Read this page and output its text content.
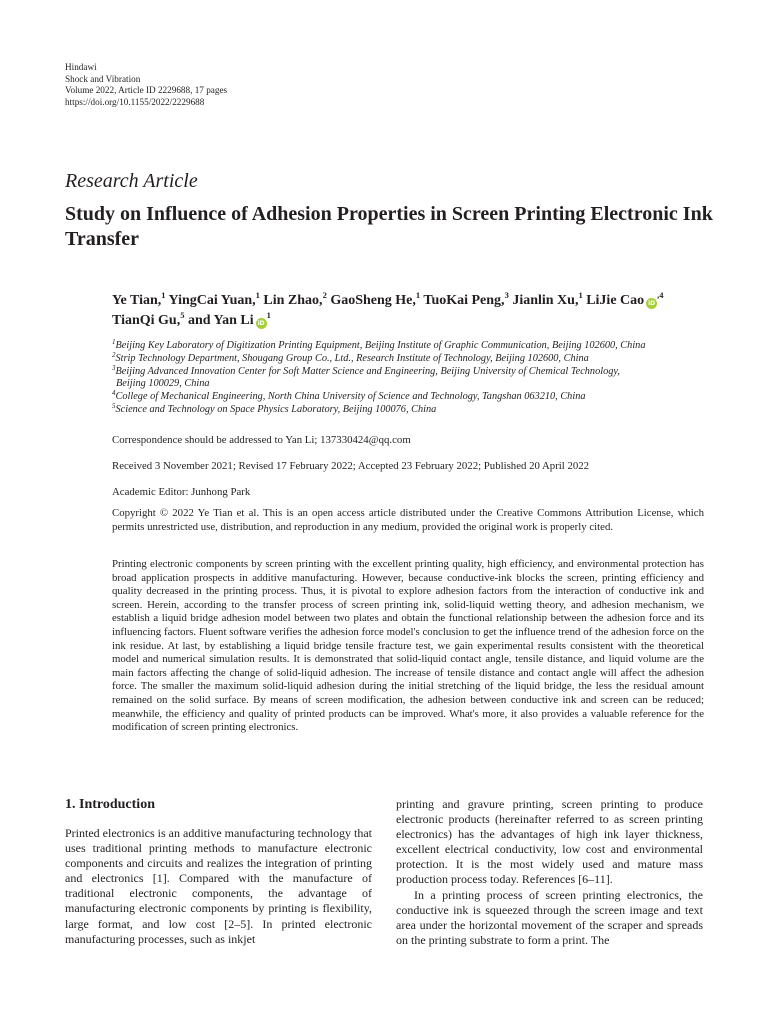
Hindawi
Shock and Vibration
Volume 2022, Article ID 2229688, 17 pages
https://doi.org/10.1155/2022/2229688
Research Article
Study on Influence of Adhesion Properties in Screen Printing Electronic Ink Transfer
Ye Tian,$^1$ YingCai Yuan,$^1$ Lin Zhao,$^2$ GaoSheng He,$^1$ TuoKai Peng,$^3$ Jianlin Xu,$^1$ LiJie Cao $iD^{,4}$
TianQi Gu,$^5$ and Yan Li $iD^1$
$^1$Beijing Key Laboratory of Digitization Printing Equipment, Beijing Institute of Graphic Communication, Beijing 102600, China
$^2$Strip Technology Department, Shougang Group Co., Ltd., Research Institute of Technology, Beijing 102600, China
$^3$Beijing Advanced Innovation Center for Soft Matter Science and Engineering, Beijing University of Chemical Technology,
Beijing 100029, China
$^4$College of Mechanical Engineering, North China University of Science and Technology, Tangshan 063210, China
$^5$Science and Technology on Space Physics Laboratory, Beijing 100076, China
Correspondence should be addressed to Yan Li; 137330424@qq.com
Received 3 November 2021; Revised 17 February 2022; Accepted 23 February 2022; Published 20 April 2022
Academic Editor: Junhong Park
Copyright © 2022 Ye Tian et al. This is an open access article distributed under the Creative Commons Attribution License, which permits unrestricted use, distribution, and reproduction in any medium, provided the original work is properly cited.
Printing electronic components by screen printing with the excellent printing quality, high efficiency, and environmental protection has broad application prospects in additive manufacturing. However, because conductive-ink blocks the screen, printing efficiency and quality decreased in the printing process. Thus, it is pivotal to explore adhesion factors from the interaction of conductive ink and screen. Herein, according to the transfer process of screen printing ink, solid-liquid wetting theory, and adhesion mechanism, we establish a liquid bridge adhesion model between two plates and obtain the functional relationship between the adhesion force and its influencing factors. Fluent software verifies the adhesion force model's conclusion to get the influence trend of the adhesion force on the ink residue. At last, by establishing a liquid bridge tensile fracture test, we gain experimental results consistent with the theoretical model and numerical simulation results. It is demonstrated that solid-liquid contact angle, tensile distance, and liquid volume are the main factors affecting the change of solid-liquid adhesion. The increase of tensile distance and contact angle will affect the adhesion force. The smaller the maximum solid-liquid adhesion during the initial stretching of the liquid bridge, the less the residual amount remained on the solid surface. By means of screen modification, the adhesion between conductive ink and screen can be reduced; meanwhile, the efficiency and quality of printed products can be improved. What's more, it also provides a valuable reference for the modification of screen printing electronics.
1. Introduction
Printed electronics is an additive manufacturing technology that uses traditional printing methods to manufacture electronic components and circuits and realizes the integration of printing and electronics [1]. Compared with the manufacture of traditional electronic components, the advantage of manufacturing electronic components by printing is flexibility, large format, and low cost [2–5]. In printed electronic manufacturing processes, such as inkjet

printing and gravure printing, screen printing to produce electronic products (hereinafter referred to as screen printing electronics) has the advantages of high ink layer thickness, excellent electrical conductivity, low cost and environmental protection. It is the most widely used and mature mass production process today. References [6–11].

In a printing process of screen printing electronics, the conductive ink is squeezed through the screen image and text area under the horizontal movement of the scraper and spreads on the printing substrate to form a print. The
